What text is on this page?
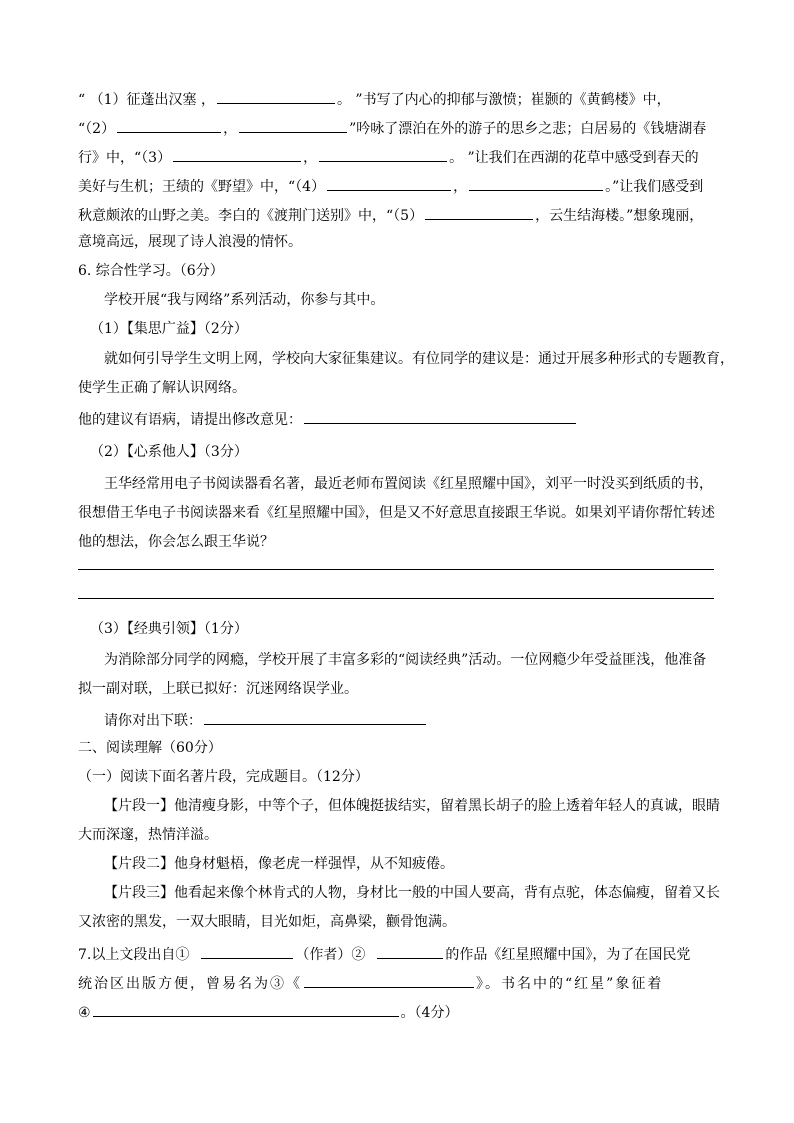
“ （1）征蓬出汉塞 ，	。 ”书写了内心的抑郁与激愤；崔颢的《黄鹤楼》中，
“（2）	，	”吟咏了漂泊在外的游子的思乡之悲；白居易的《钱塘湖春
行》中，“（3）	，	。 ”让我们在西湖的花草中感受到春天的
美好与生机；王绩的《野望》中，“（4）	，	。”让我们感受到
秋意颇浓的山野之美。李白的《渡荆门送别》中，“（5）	，云生结海楼。”想象瑰丽，
意境高远，展现了诗人浪漫的情怀。
6. 综合性学习。（6分）
学校开展“我与网络”系列活动，你参与其中。
（1）【集思广益】（2分）
就如何引导学生文明上网，学校向大家征集建议。有位同学的建议是：通过开展多种形式的专题教育，
使学生正确了解认识网络。
他的建议有语病，请提出修改意见：
（2）【心系他人】（3分）
王华经常用电子书阅读器看名著，最近老师布置阅读《红星照耀中国》，刘平一时没买到纸质的书，
很想借王华电子书阅读器来看《红星照耀中国》，但是又不好意思直接跟王华说。如果刘平请你帮忙转述
他的想法，你会怎么跟王华说？
（3）【经典引领】（1分）
为消除部分同学的网瘾，学校开展了丰富多彩的“阅读经典”活动。一位网瘾少年受益匪浅，他准备
拟一副对联，上联已拟好：沉迷网络误学业。
请你对出下联：
二、阅读理解（60分）
（一）阅读下面名著片段，完成题目。（12分）
【片段一】他清瘦身影，中等个子，但体魄挺拔结实，留着黑长胡子的脸上透着年轻人的真诚，眼睛
大而深邃，热情洋溢。
【片段二】他身材魁梧，像老虎一样强悍，从不知疲倦。
【片段三】他看起来像个林肯式的人物，身材比一般的中国人要高，背有点驼，体态偏瘦，留着又长
又浓密的黑发，一双大眼睛，目光如炬，高鼻梁，颧骨饱满。
7.以上文段出自①	（作者）②	的作品《红星照耀中国》，为了在国民党
统治区出版方便，曾易名为③《	》。书名中的“红星”象征着
④	。（4分）
